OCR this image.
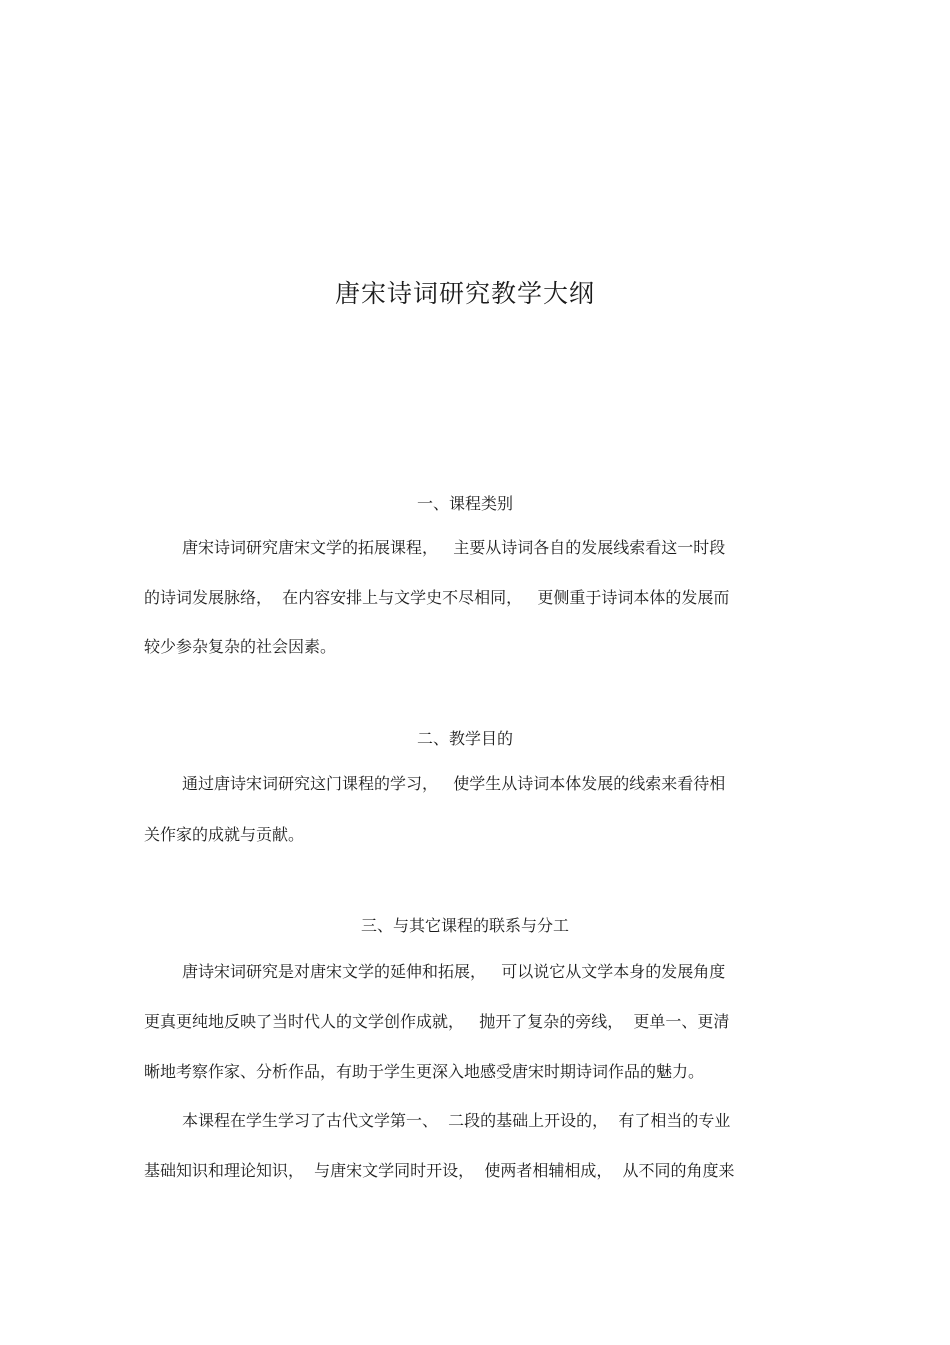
唐宋诗词研究教学大纲
一、课程类别
唐宋诗词研究唐宋文学的拓展课程，   主要从诗词各自的发展线索看这一时段
的诗词发展脉络，  在内容安排上与文学史不尽相同，   更侧重于诗词本体的发展而
较少参杂复杂的社会因素。
二、教学目的
通过唐诗宋词研究这门课程的学习，   使学生从诗词本体发展的线索来看待相
关作家的成就与贡献。
三、与其它课程的联系与分工
唐诗宋词研究是对唐宋文学的延伸和拓展，   可以说它从文学本身的发展角度
更真更纯地反映了当时代人的文学创作成就，   抛开了复杂的旁线，  更单一、更清
晰地考察作家、分析作品，有助于学生更深入地感受唐宋时期诗词作品的魅力。
本课程在学生学习了古代文学第一、  二段的基础上开设的，  有了相当的专业
基础知识和理论知识，  与唐宋文学同时开设，  使两者相辅相成，  从不同的角度来
